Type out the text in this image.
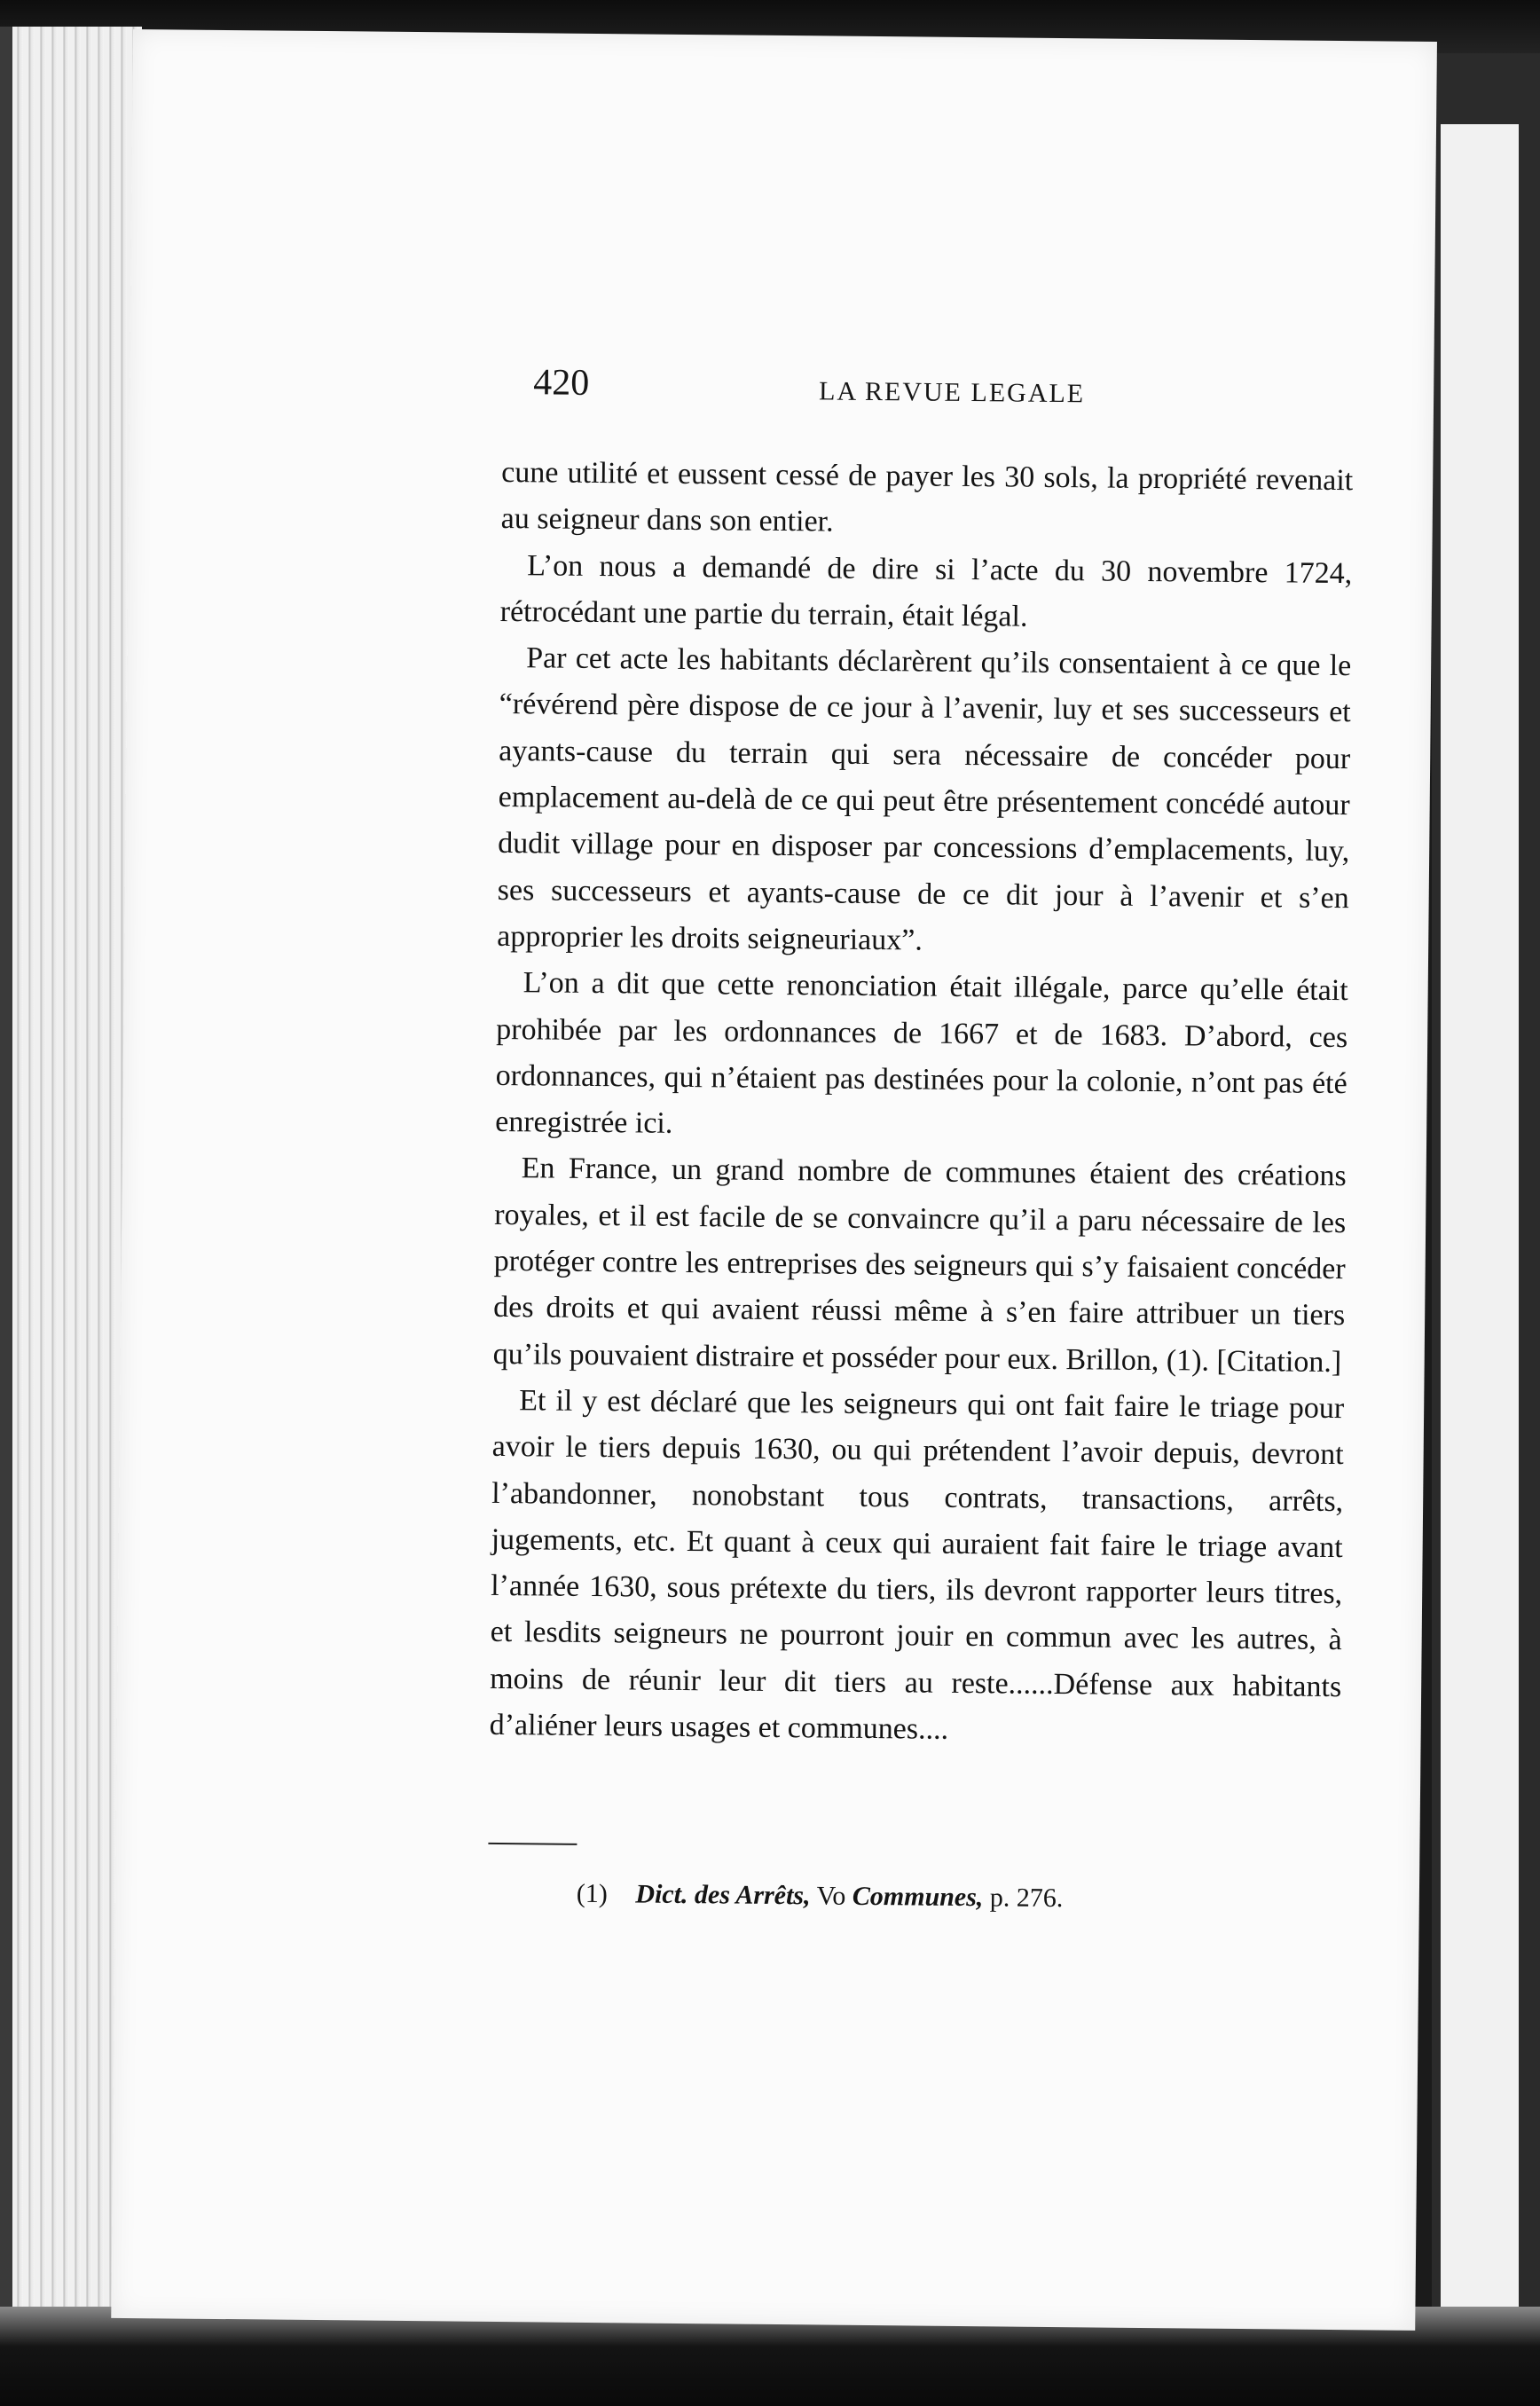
420	LA REVUE LEGALE

cune utilité et eussent cessé de payer les 30 sols, la propriété revenait au seigneur dans son entier.

L’on nous a demandé de dire si l’acte du 30 novembre 1724, rétrocédant une partie du terrain, était légal.

Par cet acte les habitants déclarèrent qu’ils consentaient à ce que le “révérend père dispose de ce jour à l’avenir, luy et ses successeurs et ayants-cause du terrain qui sera nécessaire de concéder pour emplacement au-delà de ce qui peut être présentement concédé autour dudit village pour en disposer par concessions d’emplacements, luy, ses successeurs et ayants-cause de ce dit jour à l’avenir et s’en approprier les droits seigneuriaux”.

L’on a dit que cette renonciation était illégale, parce qu’elle était prohibée par les ordonnances de 1667 et de 1683. D’abord, ces ordonnances, qui n’étaient pas destinées pour la colonie, n’ont pas été enregistrée ici.

En France, un grand nombre de communes étaient des créations royales, et il est facile de se convaincre qu’il a paru nécessaire de les protéger contre les entreprises des seigneurs qui s’y faisaient concéder des droits et qui avaient réussi même à s’en faire attribuer un tiers qu’ils pouvaient distraire et posséder pour eux. Brillon, (1). [Citation.]

Et il y est déclaré que les seigneurs qui ont fait faire le triage pour avoir le tiers depuis 1630, ou qui prétendent l’avoir depuis, devront l’abandonner, nonobstant tous contrats, transactions, arrêts, jugements, etc. Et quant à ceux qui auraient fait faire le triage avant l’année 1630, sous prétexte du tiers, ils devront rapporter leurs titres, et lesdits seigneurs ne pourront jouir en commun avec les autres, à moins de réunir leur dit tiers au reste......Défense aux habitants d’aliéner leurs usages et communes....

(1) Dict. des Arrêts, Vo Communes, p. 276.
